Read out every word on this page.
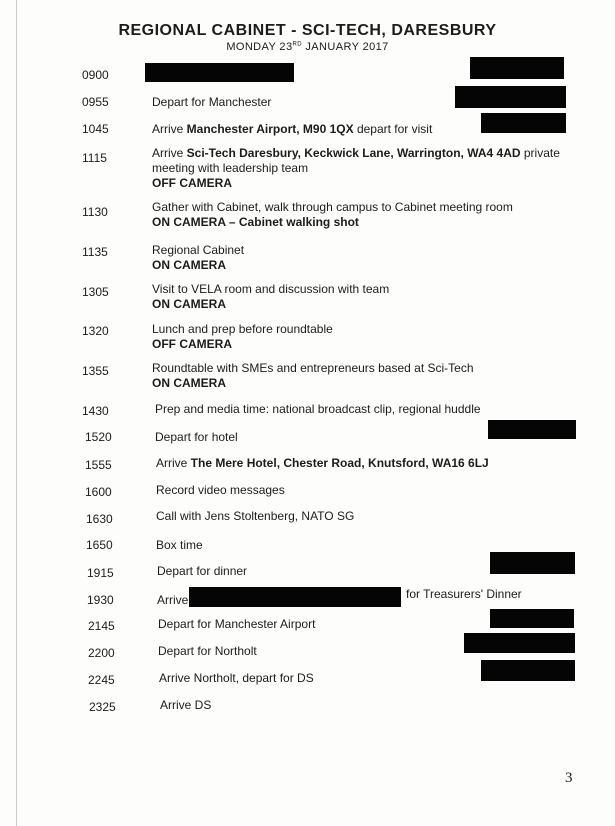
REGIONAL CABINET - SCI-TECH, DARESBURY
MONDAY 23RD JANUARY 2017
0900
0955	Depart for Manchester
1045	Arrive Manchester Airport, M90 1QX depart for visit
1115	Arrive Sci-Tech Daresbury, Keckwick Lane, Warrington, WA4 4AD private
meeting with leadership team
OFF CAMERA
1130	Gather with Cabinet, walk through campus to Cabinet meeting room
ON CAMERA – Cabinet walking shot
1135	Regional Cabinet
ON CAMERA
1305	Visit to VELA room and discussion with team
ON CAMERA
1320	Lunch and prep before roundtable
OFF CAMERA
1355	Roundtable with SMEs and entrepreneurs based at Sci-Tech
ON CAMERA
1430	Prep and media time: national broadcast clip, regional huddle
1520	Depart for hotel
1555	Arrive The Mere Hotel, Chester Road, Knutsford, WA16 6LJ
1600	Record video messages
1630	Call with Jens Stoltenberg, NATO SG
1650	Box time
1915	Depart for dinner
1930	Arrive	for Treasurers' Dinner
2145	Depart for Manchester Airport
2200	Depart for Northolt
2245	Arrive Northolt, depart for DS
2325	Arrive DS
3
